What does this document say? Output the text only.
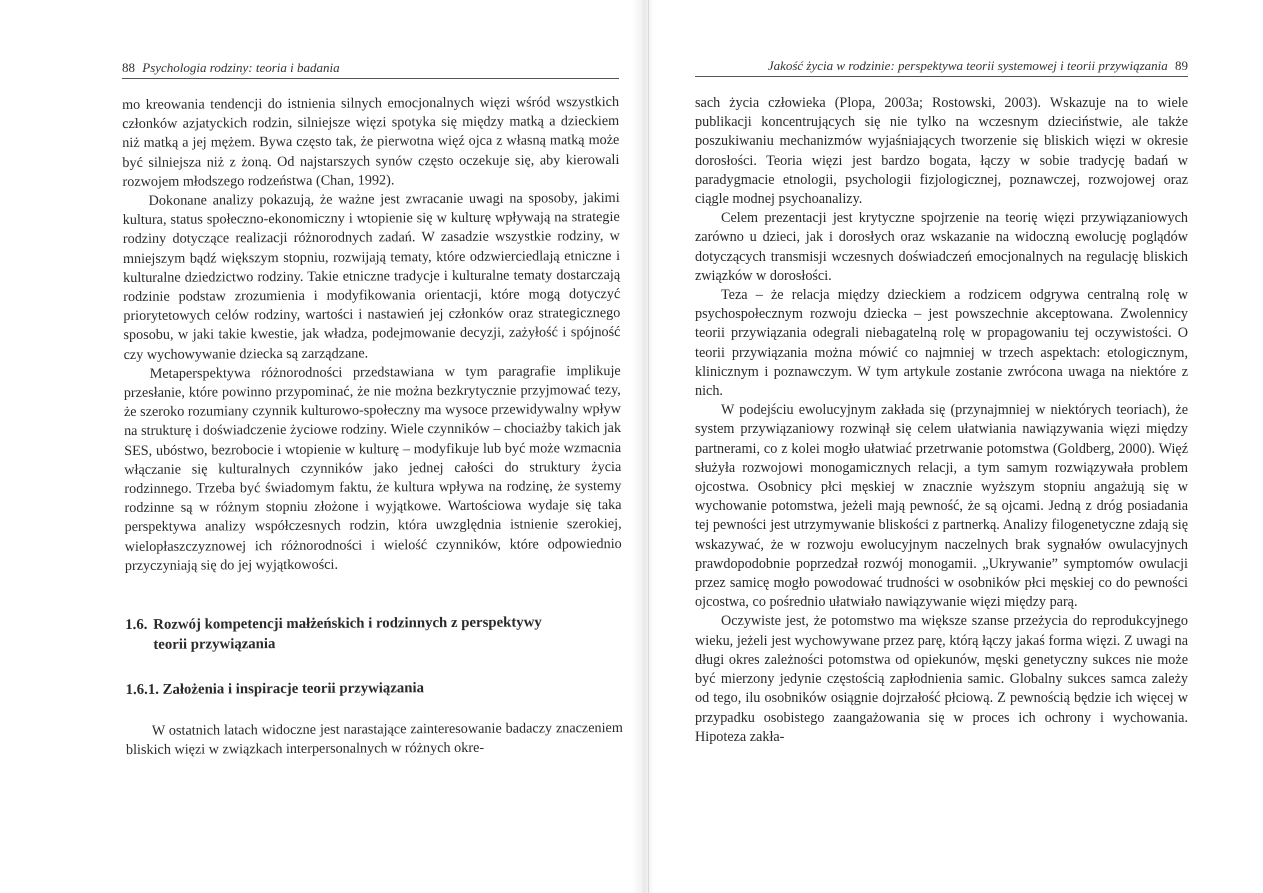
88 Psychologia rodziny: teoria i badania

mo kreowania tendencji do istnienia silnych emocjonalnych więzi wśród wszystkich członków azjatyckich rodzin, silniejsze więzi spotyka się między matką a dzieckiem niż matką a jej mężem. Bywa często tak, że pierwotna więź ojca z własną matką może być silniejsza niż z żoną. Od najstarszych synów często oczekuje się, aby kierowali rozwojem młodszego rodzeństwa (Chan, 1992).

Dokonane analizy pokazują, że ważne jest zwracanie uwagi na sposoby, jakimi kultura, status społeczno-ekonomiczny i wtopienie się w kulturę wpływają na strategie rodziny dotyczące realizacji różnorodnych zadań. W zasadzie wszystkie rodziny, w mniejszym bądź większym stopniu, rozwijają tematy, które odzwierciedlają etniczne i kulturalne dziedzictwo rodziny. Takie etniczne tradycje i kulturalne tematy dostarczają rodzinie podstaw zrozumienia i modyfikowania orientacji, które mogą dotyczyć priorytetowych celów rodziny, wartości i nastawień jej członków oraz strategicznego sposobu, w jaki takie kwestie, jak władza, podejmowanie decyzji, zażyłość i spójność czy wychowywanie dziecka są zarządzane.

Metaperspektywa różnorodności przedstawiana w tym paragrafie implikuje przesłanie, które powinno przypominać, że nie można bezkrytycznie przyjmować tezy, że szeroko rozumiany czynnik kulturowo-społeczny ma wysoce przewidywalny wpływ na strukturę i doświadczenie życiowe rodziny. Wiele czynników – chociażby takich jak SES, ubóstwo, bezrobocie i wtopienie w kulturę – modyfikuje lub być może wzmacnia włączanie się kulturalnych czynników jako jednej całości do struktury życia rodzinnego. Trzeba być świadomym faktu, że kultura wpływa na rodzinę, że systemy rodzinne są w różnym stopniu złożone i wyjątkowe. Wartościowa wydaje się taka perspektywa analizy współczesnych rodzin, która uwzględnia istnienie szerokiej, wielopłaszczyznowej ich różnorodności i wielość czynników, które odpowiednio przyczyniają się do jej wyjątkowości.

1.6. Rozwój kompetencji małżeńskich i rodzinnych z perspektywy
teorii przywiązania
1.6.1. Założenia i inspiracje teorii przywiązania

W ostatnich latach widoczne jest narastające zainteresowanie badaczy znaczeniem bliskich więzi w związkach interpersonalnych w różnych okre-

Jakość życia w rodzinie: perspektywa teorii systemowej i teorii przywiązania 89

sach życia człowieka (Plopa, 2003a; Rostowski, 2003). Wskazuje na to wiele publikacji koncentrujących się nie tylko na wczesnym dzieciństwie, ale także poszukiwaniu mechanizmów wyjaśniających tworzenie się bliskich więzi w okresie dorosłości. Teoria więzi jest bardzo bogata, łączy w sobie tradycję badań w paradygmacie etnologii, psychologii fizjologicznej, poznawczej, rozwojowej oraz ciągle modnej psychoanalizy.

Celem prezentacji jest krytyczne spojrzenie na teorię więzi przywiązaniowych zarówno u dzieci, jak i dorosłych oraz wskazanie na widoczną ewolucję poglądów dotyczących transmisji wczesnych doświadczeń emocjonalnych na regulację bliskich związków w dorosłości.

Teza – że relacja między dzieckiem a rodzicem odgrywa centralną rolę w psychospołecznym rozwoju dziecka – jest powszechnie akceptowana. Zwolennicy teorii przywiązania odegrali niebagatelną rolę w propagowaniu tej oczywistości. O teorii przywiązania można mówić co najmniej w trzech aspektach: etologicznym, klinicznym i poznawczym. W tym artykule zostanie zwrócona uwaga na niektóre z nich.

W podejściu ewolucyjnym zakłada się (przynajmniej w niektórych teoriach), że system przywiązaniowy rozwinął się celem ułatwiania nawiązywania więzi między partnerami, co z kolei mogło ułatwiać przetrwanie potomstwa (Goldberg, 2000). Więź służyła rozwojowi monogamicznych relacji, a tym samym rozwiązywała problem ojcostwa. Osobnicy płci męskiej w znacznie wyższym stopniu angażują się w wychowanie potomstwa, jeżeli mają pewność, że są ojcami. Jedną z dróg posiadania tej pewności jest utrzymywanie bliskości z partnerką. Analizy filogenetyczne zdają się wskazywać, że w rozwoju ewolucyjnym naczelnych brak sygnałów owulacyjnych prawdopodobnie poprzedzał rozwój monogamii. „Ukrywanie” symptomów owulacji przez samicę mogło powodować trudności w osobników płci męskiej co do pewności ojcostwa, co pośrednio ułatwiało nawiązywanie więzi między parą.

Oczywiste jest, że potomstwo ma większe szanse przeżycia do reprodukcyjnego wieku, jeżeli jest wychowywane przez parę, którą łączy jakaś forma więzi. Z uwagi na długi okres zależności potomstwa od opiekunów, męski genetyczny sukces nie może być mierzony jedynie częstością zapłodnienia samic. Globalny sukces samca zależy od tego, ilu osobników osiągnie dojrzałość płciową. Z pewnością będzie ich więcej w przypadku osobistego zaangażowania się w proces ich ochrony i wychowania. Hipoteza zakła-
